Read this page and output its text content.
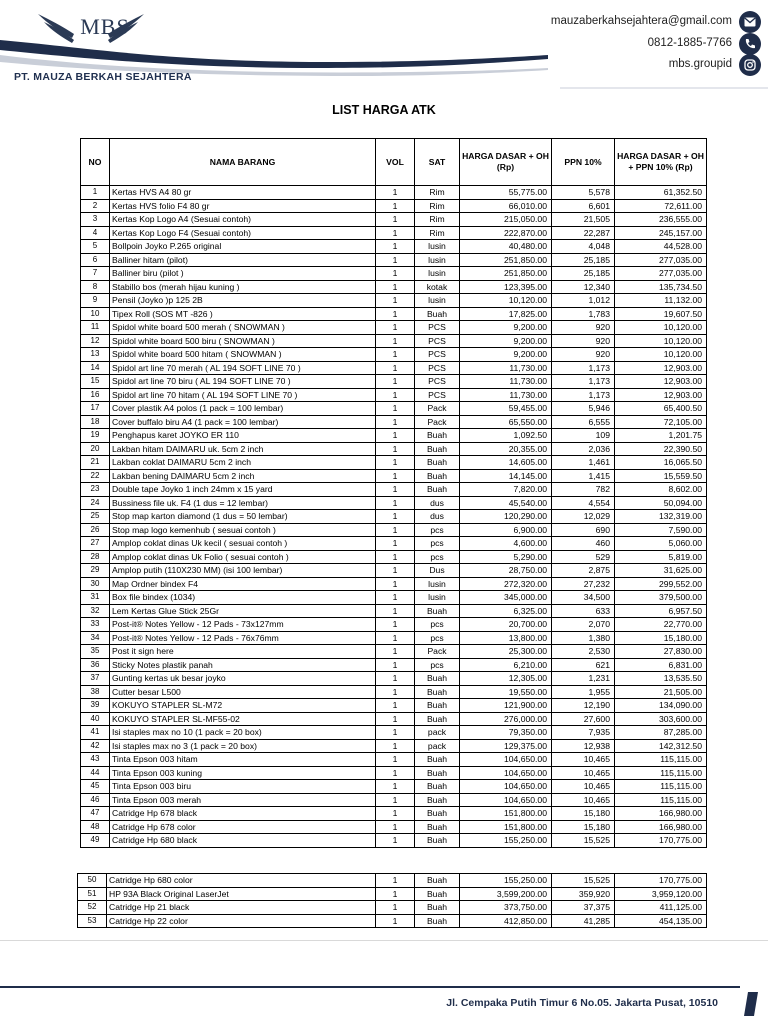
MBS
PT. MAUZA BERKAH SEJAHTERA
mauzaberkahsejahtera@gmail.com
0812-1885-7766
mbs.groupid
LIST HARGA ATK
NO	NAMA BARANG	VOL	SAT	HARGA DASAR + OH (Rp)	PPN 10%	HARGA DASAR + OH + PPN 10% (Rp)
1	Kertas HVS A4 80 gr	1	Rim	55,775.00	5,578	61,352.50
2	Kertas HVS folio F4 80 gr	1	Rim	66,010.00	6,601	72,611.00
3	Kertas Kop Logo A4 (Sesuai contoh)	1	Rim	215,050.00	21,505	236,555.00
4	Kertas Kop Logo F4 (Sesuai contoh)	1	Rim	222,870.00	22,287	245,157.00
5	Bollpoin Joyko P.265 original	1	lusin	40,480.00	4,048	44,528.00
6	Balliner hitam (pilot)	1	lusin	251,850.00	25,185	277,035.00
7	Balliner biru (pilot )	1	lusin	251,850.00	25,185	277,035.00
8	Stabillo bos (merah hijau kuning )	1	kotak	123,395.00	12,340	135,734.50
9	Pensil (Joyko )p 125 2B	1	lusin	10,120.00	1,012	11,132.00
10	Tipex Roll (SOS MT -826 )	1	Buah	17,825.00	1,783	19,607.50
11	Spidol white board 500 merah ( SNOWMAN )	1	PCS	9,200.00	920	10,120.00
12	Spidol white board 500 biru ( SNOWMAN )	1	PCS	9,200.00	920	10,120.00
13	Spidol white board 500 hitam ( SNOWMAN )	1	PCS	9,200.00	920	10,120.00
14	Spidol art line 70 merah ( AL 194 SOFT LINE 70 )	1	PCS	11,730.00	1,173	12,903.00
15	Spidol art line 70 biru ( AL 194 SOFT LINE 70 )	1	PCS	11,730.00	1,173	12,903.00
16	Spidol art line 70 hitam ( AL 194 SOFT LINE 70 )	1	PCS	11,730.00	1,173	12,903.00
17	Cover plastik A4 polos (1 pack = 100 lembar)	1	Pack	59,455.00	5,946	65,400.50
18	Cover buffalo biru A4 (1 pack = 100 lembar)	1	Pack	65,550.00	6,555	72,105.00
19	Penghapus karet JOYKO ER 110	1	Buah	1,092.50	109	1,201.75
20	Lakban hitam DAIMARU uk. 5cm 2 inch	1	Buah	20,355.00	2,036	22,390.50
21	Lakban coklat DAIMARU 5cm 2 inch	1	Buah	14,605.00	1,461	16,065.50
22	Lakban bening DAIMARU 5cm 2 inch	1	Buah	14,145.00	1,415	15,559.50
23	Double tape Joyko 1 inch 24mm x 15 yard	1	Buah	7,820.00	782	8,602.00
24	Bussiness file uk. F4 (1 dus = 12 lembar)	1	dus	45,540.00	4,554	50,094.00
25	Stop map karton diamond (1 dus = 50 lembar)	1	dus	120,290.00	12,029	132,319.00
26	Stop map logo kemenhub ( sesuai contoh )	1	pcs	6,900.00	690	7,590.00
27	Amplop coklat dinas Uk kecil ( sesuai contoh )	1	pcs	4,600.00	460	5,060.00
28	Amplop coklat dinas Uk Folio ( sesuai contoh )	1	pcs	5,290.00	529	5,819.00
29	Amplop putih (110X230 MM) (isi 100 lembar)	1	Dus	28,750.00	2,875	31,625.00
30	Map Ordner bindex F4	1	lusin	272,320.00	27,232	299,552.00
31	Box file bindex (1034)	1	lusin	345,000.00	34,500	379,500.00
32	Lem Kertas Glue Stick 25Gr	1	Buah	6,325.00	633	6,957.50
33	Post-it® Notes Yellow - 12 Pads - 73x127mm	1	pcs	20,700.00	2,070	22,770.00
34	Post-it® Notes Yellow - 12 Pads - 76x76mm	1	pcs	13,800.00	1,380	15,180.00
35	Post it sign here	1	Pack	25,300.00	2,530	27,830.00
36	Sticky Notes plastik panah	1	pcs	6,210.00	621	6,831.00
37	Gunting kertas uk besar joyko	1	Buah	12,305.00	1,231	13,535.50
38	Cutter besar L500	1	Buah	19,550.00	1,955	21,505.00
39	KOKUYO STAPLER SL-M72	1	Buah	121,900.00	12,190	134,090.00
40	KOKUYO STAPLER SL-MF55-02	1	Buah	276,000.00	27,600	303,600.00
41	Isi staples max no 10 (1 pack = 20 box)	1	pack	79,350.00	7,935	87,285.00
42	Isi staples max no 3 (1 pack = 20 box)	1	pack	129,375.00	12,938	142,312.50
43	Tinta Epson 003 hitam	1	Buah	104,650.00	10,465	115,115.00
44	Tinta Epson 003 kuning	1	Buah	104,650.00	10,465	115,115.00
45	Tinta Epson 003 biru	1	Buah	104,650.00	10,465	115,115.00
46	Tinta Epson 003 merah	1	Buah	104,650.00	10,465	115,115.00
47	Catridge Hp 678 black	1	Buah	151,800.00	15,180	166,980.00
48	Catridge Hp 678 color	1	Buah	151,800.00	15,180	166,980.00
49	Catridge Hp 680 black	1	Buah	155,250.00	15,525	170,775.00
50	Catridge Hp 680 color	1	Buah	155,250.00	15,525	170,775.00
51	HP 93A Black Original LaserJet	1	Buah	3,599,200.00	359,920	3,959,120.00
52	Catridge Hp 21 black	1	Buah	373,750.00	37,375	411,125.00
53	Catridge Hp 22 color	1	Buah	412,850.00	41,285	454,135.00
Jl. Cempaka Putih Timur 6 No.05. Jakarta Pusat, 10510
